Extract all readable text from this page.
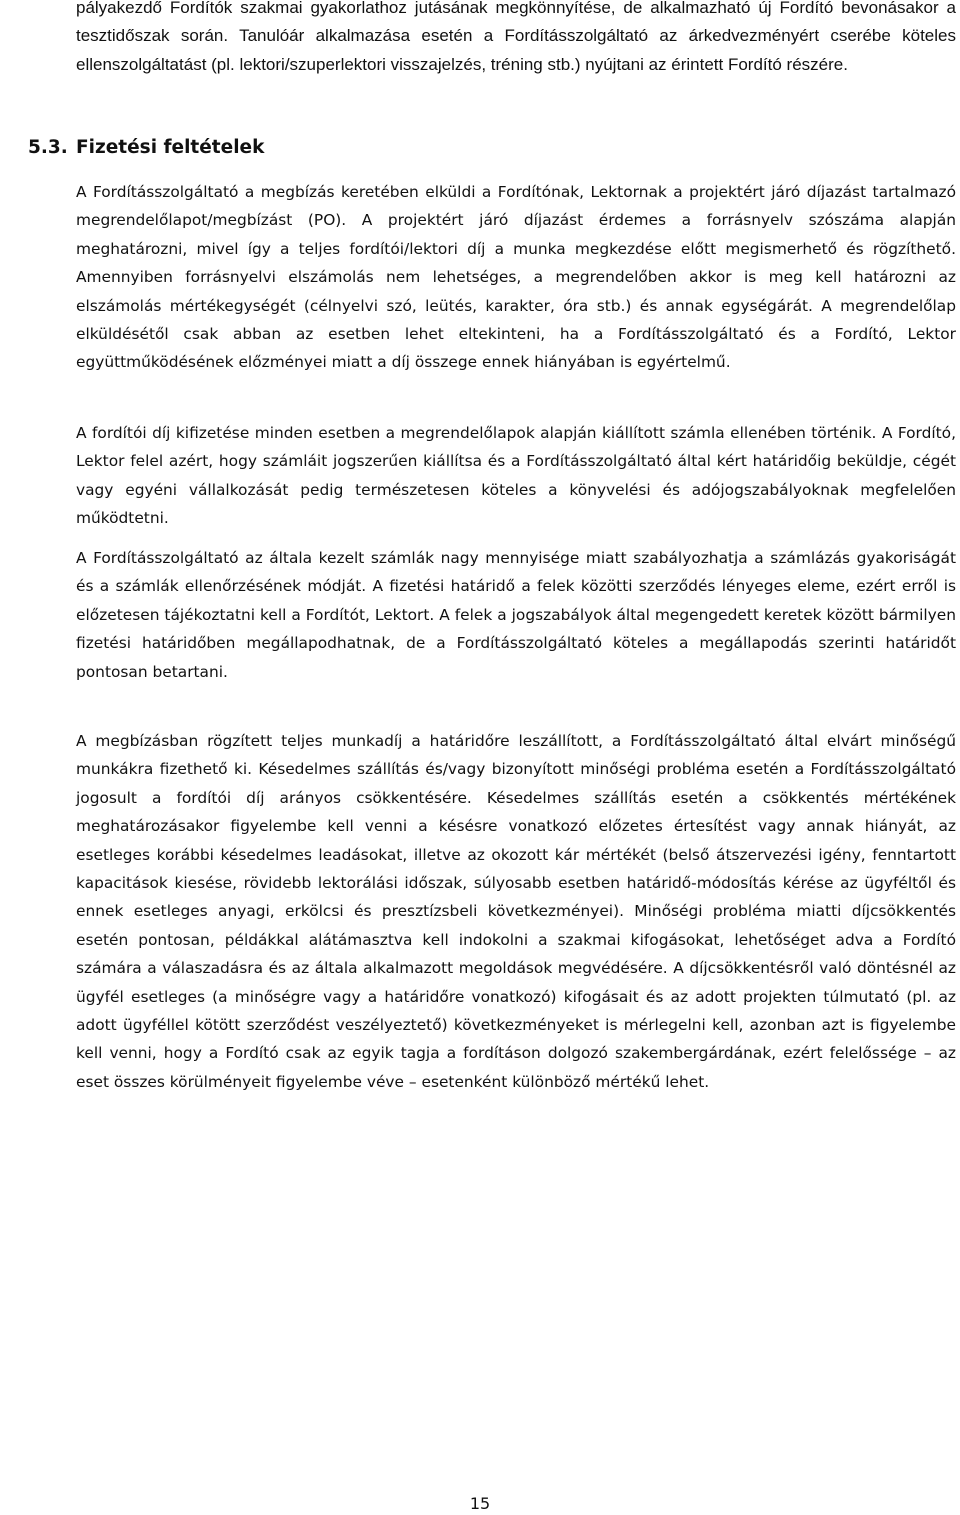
pályakezdő Fordítók szakmai gyakorlathoz jutásának megkönnyítése, de alkalmazható új Fordító bevonásakor a tesztidőszak során. Tanulóár alkalmazása esetén a Fordításszolgáltató az árkedvezményért cserébe köteles ellenszolgáltatást (pl. lektori/szuperlektori visszajelzés, tréning stb.) nyújtani az érintett Fordító részére.

5.3. Fizetési feltételek

A Fordításszolgáltató a megbízás keretében elküldi a Fordítónak, Lektornak a projektért járó díjazást tartalmazó megrendelőlapot/megbízást (PO). A projektért járó díjazást érdemes a forrásnyelv szószáma alapján meghatározni, mivel így a teljes fordítói/lektori díj a munka megkezdése előtt megismerhető és rögzíthető. Amennyiben forrásnyelvi elszámolás nem lehetséges, a megrendelőben akkor is meg kell határozni az elszámolás mértékegységét (célnyelvi szó, leütés, karakter, óra stb.) és annak egységárát. A megrendelőlap elküldésétől csak abban az esetben lehet eltekinteni, ha a Fordításszolgáltató és a Fordító, Lektor együttműködésének előzményei miatt a díj összege ennek hiányában is egyértelmű.

A fordítói díj kifizetése minden esetben a megrendelőlapok alapján kiállított számla ellenében történik. A Fordító, Lektor felel azért, hogy számláit jogszerűen kiállítsa és a Fordításszolgáltató által kért határidőig beküldje, cégét vagy egyéni vállalkozását pedig természetesen köteles a könyvelési és adójogszabályoknak megfelelően működtetni.

A Fordításszolgáltató az általa kezelt számlák nagy mennyisége miatt szabályozhatja a számlázás gyakoriságát és a számlák ellenőrzésének módját. A fizetési határidő a felek közötti szerződés lényeges eleme, ezért erről is előzetesen tájékoztatni kell a Fordítót, Lektort. A felek a jogszabályok által megengedett keretek között bármilyen fizetési határidőben megállapodhatnak, de a Fordításszolgáltató köteles a megállapodás szerinti határidőt pontosan betartani.

A megbízásban rögzített teljes munkadíj a határidőre leszállított, a Fordításszolgáltató által elvárt minőségű munkákra fizethető ki. Késedelmes szállítás és/vagy bizonyított minőségi probléma esetén a Fordításszolgáltató jogosult a fordítói díj arányos csökkentésére. Késedelmes szállítás esetén a csökkentés mértékének meghatározásakor figyelembe kell venni a késésre vonatkozó előzetes értesítést vagy annak hiányát, az esetleges korábbi késedelmes leadásokat, illetve az okozott kár mértékét (belső átszervezési igény, fenntartott kapacitások kiesése, rövidebb lektorálási időszak, súlyosabb esetben határidő-módosítás kérése az ügyféltől és ennek esetleges anyagi, erkölcsi és presztízsbeli következményei). Minőségi probléma miatti díjcsökkentés esetén pontosan, példákkal alátámasztva kell indokolni a szakmai kifogásokat, lehetőséget adva a Fordító számára a válaszadásra és az általa alkalmazott megoldások megvédésére. A díjcsökkentésről való döntésnél az ügyfél esetleges (a minőségre vagy a határidőre vonatkozó) kifogásait és az adott projekten túlmutató (pl. az adott ügyféllel kötött szerződést veszélyeztető) következményeket is mérlegelni kell, azonban azt is figyelembe kell venni, hogy a Fordító csak az egyik tagja a fordításon dolgozó szakembergárdának, ezért felelőssége – az eset összes körülményeit figyelembe véve – esetenként különböző mértékű lehet.

15
